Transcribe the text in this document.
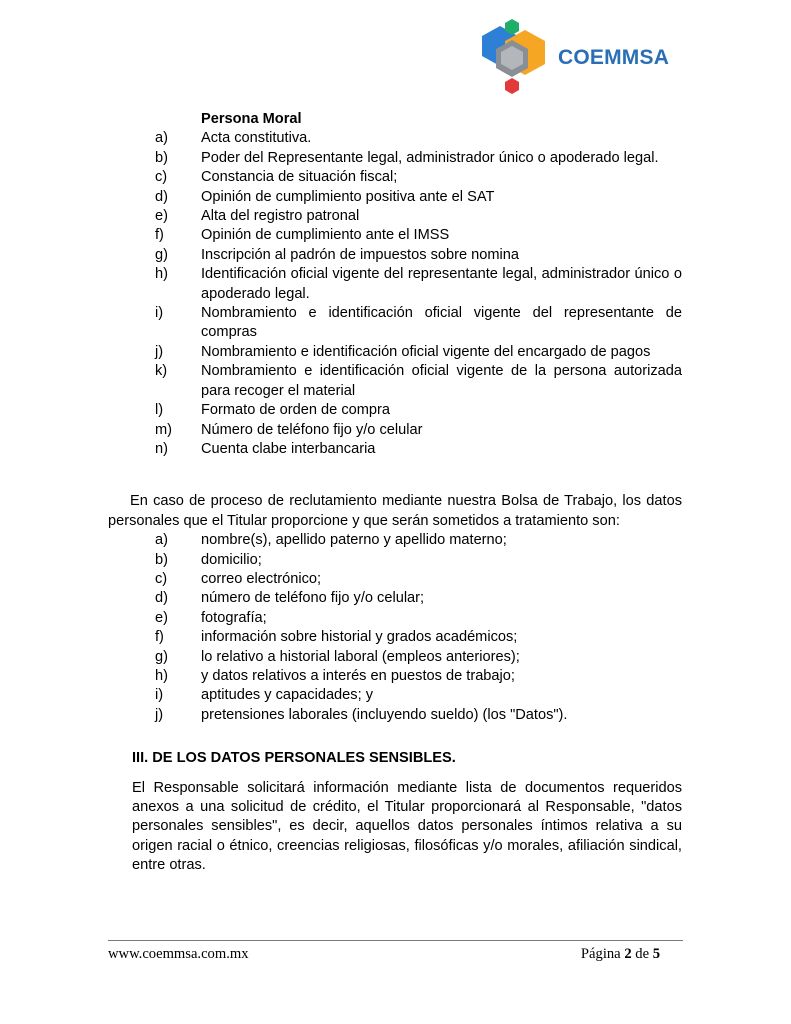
COEMMSA
Persona Moral
a) Acta constitutiva.
b) Poder del Representante legal, administrador único o apoderado legal.
c) Constancia de situación fiscal;
d) Opinión de cumplimiento positiva ante el SAT
e) Alta del registro patronal
f)	Opinión de cumplimiento ante el IMSS
g) Inscripción al padrón de impuestos sobre nomina
h) Identificación oficial vigente del representante legal, administrador único o apoderado legal.
i)	Nombramiento e identificación oficial vigente del representante de compras
j)	Nombramiento e identificación oficial vigente del encargado de pagos
k) Nombramiento e identificación oficial vigente de la persona autorizada para recoger el material
l)	Formato de orden de compra
m) Número de teléfono fijo y/o celular
n) Cuenta clabe interbancaria

En caso de proceso de reclutamiento mediante nuestra Bolsa de Trabajo, los datos personales que el Titular proporcione y que serán sometidos a tratamiento son:

a) nombre(s), apellido paterno y apellido materno;
b) domicilio;
c) correo electrónico;
d) número de teléfono fijo y/o celular;
e) fotografía;
f)	información sobre historial y grados académicos;
g) lo relativo a historial laboral (empleos anteriores);
h) y datos relativos a interés en puestos de trabajo;
i)	aptitudes y capacidades; y
j)	pretensiones laborales (incluyendo sueldo) (los "Datos").
III. DE LOS DATOS PERSONALES SENSIBLES.

El Responsable solicitará información mediante lista de documentos requeridos anexos a una solicitud de crédito, el Titular proporcionará al Responsable, "datos personales sensibles", es decir, aquellos datos personales íntimos relativa a su origen racial o étnico, creencias religiosas, filosóficas y/o morales, afiliación sindical, entre otras.

www.coemmsa.com.mx	Página 2 de 5
